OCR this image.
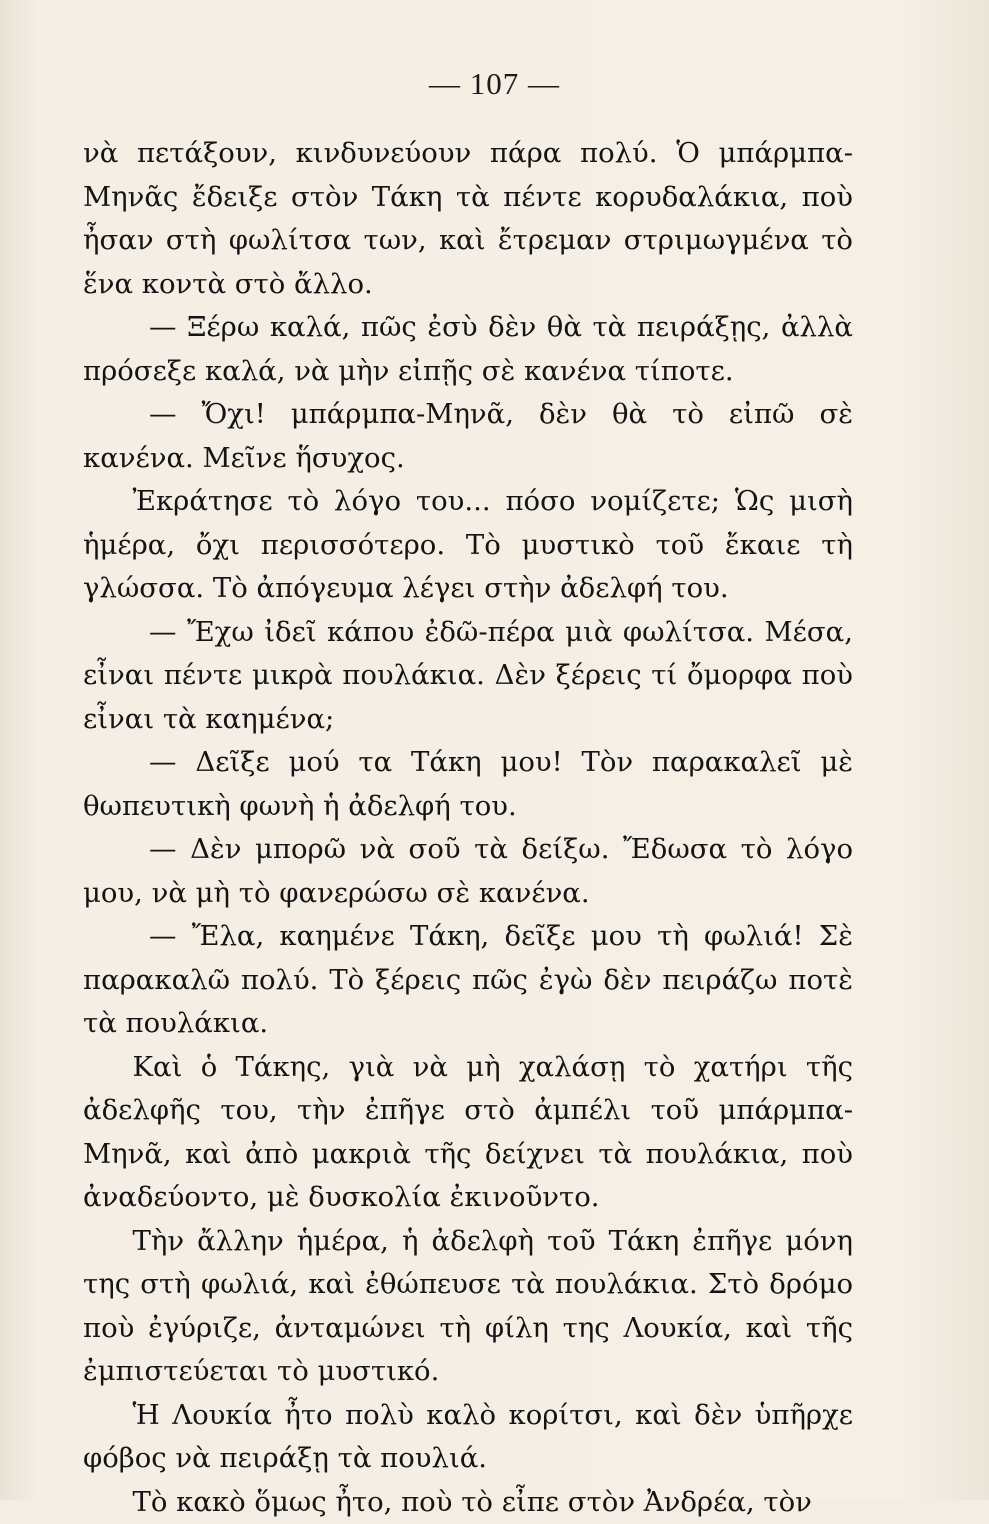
— 107 —

νὰ πετάξουν, κινδυνεύουν πάρα πολύ. Ὁ μπάρμπα-Μηνᾶς ἔδειξε στὸν Τάκη τὰ πέντε κορυδαλάκια, ποὺ ἦσαν στὴ φωλίτσα των, καὶ ἔτρεμαν στριμωγμένα τὸ ἕνα κοντὰ στὸ ἄλλο.

— Ξέρω καλά, πῶς ἐσὺ δὲν θὰ τὰ πειράξῃς, ἀλλὰ πρόσεξε καλά, νὰ μὴν εἰπῇς σὲ κανένα τίποτε.

— Ὄχι! μπάρμπα-Μηνᾶ, δὲν θὰ τὸ εἰπῶ σὲ κανένα. Μεῖνε ἥσυχος.

Ἐκράτησε τὸ λόγο του... πόσο νομίζετε; Ὡς μισὴ ἡμέρα, ὄχι περισσότερο. Τὸ μυστικὸ τοῦ ἔκαιε τὴ γλώσσα. Τὸ ἀπόγευμα λέγει στὴν ἀδελφή του.

— Ἔχω ἰδεῖ κάπου ἐδῶ-πέρα μιὰ φωλίτσα. Μέσα, εἶναι πέντε μικρὰ πουλάκια. Δὲν ξέρεις τί ὄμορφα ποὺ εἶναι τὰ καημένα;

— Δεῖξε μού τα Τάκη μου! Τὸν παρακαλεῖ μὲ θωπευτικὴ φωνὴ ἡ ἀδελφή του.

— Δὲν μπορῶ νὰ σοῦ τὰ δείξω. Ἔδωσα τὸ λόγο μου, νὰ μὴ τὸ φανερώσω σὲ κανένα.

— Ἔλα, καημένε Τάκη, δεῖξε μου τὴ φωλιά! Σὲ παρακαλῶ πολύ. Τὸ ξέρεις πῶς ἐγὼ δὲν πειράζω ποτὲ τὰ πουλάκια.

Καὶ ὁ Τάκης, γιὰ νὰ μὴ χαλάσῃ τὸ χατήρι τῆς ἀδελφῆς του, τὴν ἐπῆγε στὸ ἀμπέλι τοῦ μπάρμπα-Μηνᾶ, καὶ ἀπὸ μακριὰ τῆς δείχνει τὰ πουλάκια, ποὺ ἀναδεύοντο, μὲ δυσκολία ἐκινοῦντο.

Τὴν ἄλλην ἡμέρα, ἡ ἀδελφὴ τοῦ Τάκη ἐπῆγε μόνη της στὴ φωλιά, καὶ ἐθώπευσε τὰ πουλάκια. Στὸ δρόμο ποὺ ἐγύριζε, ἀνταμώνει τὴ φίλη της Λουκία, καὶ τῆς ἐμπιστεύεται τὸ μυστικό.

Ἡ Λουκία ἦτο πολὺ καλὸ κορίτσι, καὶ δὲν ὑπῆρχε φόβος νὰ πειράξῃ τὰ πουλιά.

Τὸ κακὸ ὅμως ἦτο, ποὺ τὸ εἶπε στὸν Ἀνδρέα, τὸν
